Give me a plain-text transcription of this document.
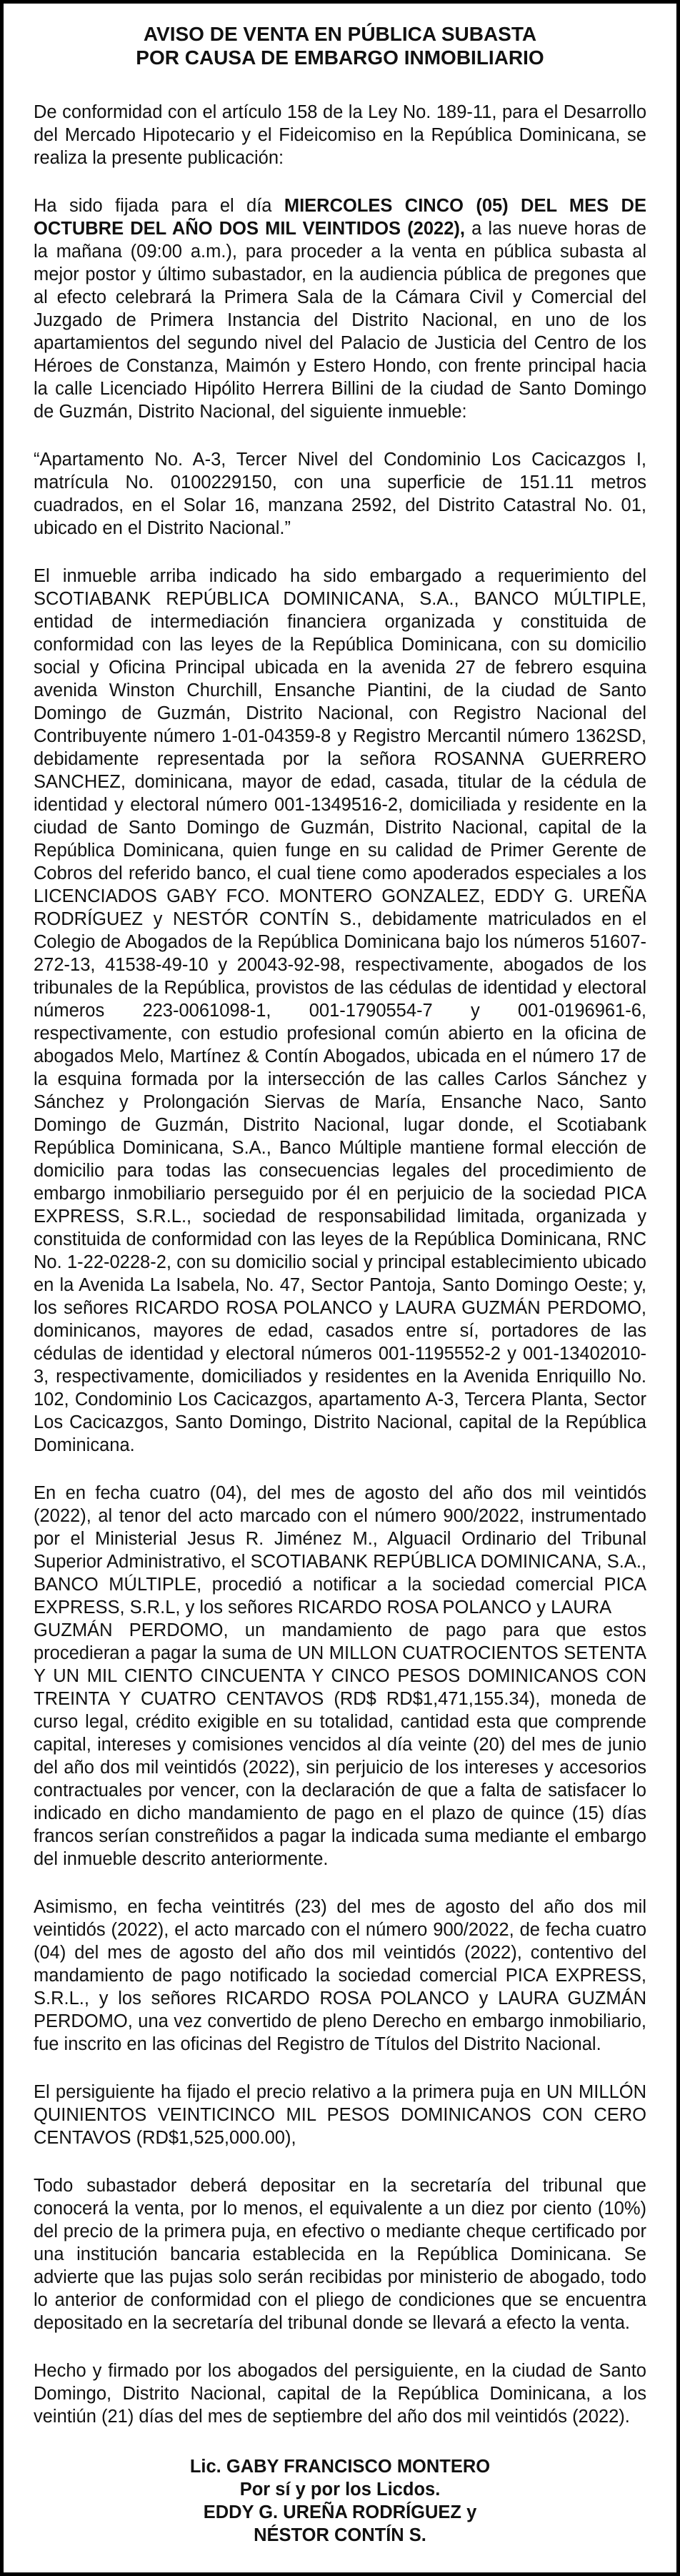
AVISO DE VENTA EN PÚBLICA SUBASTA
POR CAUSA DE EMBARGO INMOBILIARIO

De conformidad con el artículo 158 de la Ley No. 189-11, para el Desarrollo del Mercado Hipotecario y el Fideicomiso en la República Dominicana, se realiza la presente publicación:

Ha sido fijada para el día MIERCOLES CINCO (05) DEL MES DE OCTUBRE DEL AÑO DOS MIL VEINTIDOS (2022), a las nueve horas de la mañana (09:00 a.m.), para proceder a la venta en pública subasta al mejor postor y último subastador, en la audiencia pública de pregones que al efecto celebrará la Primera Sala de la Cámara Civil y Comercial del Juzgado de Primera Instancia del Distrito Nacional, en uno de los apartamientos del segundo nivel del Palacio de Justicia del Centro de los Héroes de Constanza, Maimón y Estero Hondo, con frente principal hacia la calle Licenciado Hipólito Herrera Billini de la ciudad de Santo Domingo de Guzmán, Distrito Nacional, del siguiente inmueble:

“Apartamento No. A-3, Tercer Nivel del Condominio Los Cacicazgos I, matrícula No. 0100229150, con una superficie de 151.11 metros cuadrados, en el Solar 16, manzana 2592, del Distrito Catastral No. 01, ubicado en el Distrito Nacional.”

El inmueble arriba indicado ha sido embargado a requerimiento del SCOTIABANK REPÚBLICA DOMINICANA, S.A., BANCO MÚLTIPLE, entidad de intermediación financiera organizada y constituida de conformidad con las leyes de la República Dominicana, con su domicilio social y Oficina Principal ubicada en la avenida 27 de febrero esquina avenida Winston Churchill, Ensanche Piantini, de la ciudad de Santo Domingo de Guzmán, Distrito Nacional, con Registro Nacional del Contribuyente número 1-01-04359-8 y Registro Mercantil número 1362SD, debidamente representada por la señora ROSANNA GUERRERO SANCHEZ, dominicana, mayor de edad, casada, titular de la cédula de identidad y electoral número 001-1349516-2, domiciliada y residente en la ciudad de Santo Domingo de Guzmán, Distrito Nacional, capital de la República Dominicana, quien funge en su calidad de Primer Gerente de Cobros del referido banco, el cual tiene como apoderados especiales a los LICENCIADOS GABY FCO. MONTERO GONZALEZ, EDDY G. UREÑA RODRÍGUEZ y NESTÓR CONTÍN S., debidamente matriculados en el Colegio de Abogados de la República Dominicana bajo los números 51607-272-13, 41538-49-10 y 20043-92-98, respectivamente, abogados de los tribunales de la República, provistos de las cédulas de identidad y electoral números 223-0061098-1, 001-1790554-7 y 001-0196961-6, respectivamente, con estudio profesional común abierto en la oficina de abogados Melo, Martínez & Contín Abogados, ubicada en el número 17 de la esquina formada por la intersección de las calles Carlos Sánchez y Sánchez y Prolongación Siervas de María, Ensanche Naco, Santo Domingo de Guzmán, Distrito Nacional, lugar donde, el Scotiabank República Dominicana, S.A., Banco Múltiple mantiene formal elección de domicilio para todas las consecuencias legales del procedimiento de embargo inmobiliario perseguido por él en perjuicio de la sociedad PICA EXPRESS, S.R.L., sociedad de responsabilidad limitada, organizada y constituida de conformidad con las leyes de la República Dominicana, RNC No. 1-22-0228-2, con su domicilio social y principal establecimiento ubicado en la Avenida La Isabela, No. 47, Sector Pantoja, Santo Domingo Oeste; y, los señores RICARDO ROSA POLANCO y LAURA GUZMÁN PERDOMO, dominicanos, mayores de edad, casados entre sí, portadores de las cédulas de identidad y electoral números 001-1195552-2 y 001-13402010-3, respectivamente, domiciliados y residentes en la Avenida Enriquillo No. 102, Condominio Los Cacicazgos, apartamento A-3, Tercera Planta, Sector Los Cacicazgos, Santo Domingo, Distrito Nacional, capital de la República Dominicana.

En en fecha cuatro (04), del mes de agosto del año dos mil veintidós (2022), al tenor del acto marcado con el número 900/2022, instrumentado por el Ministerial Jesus R. Jiménez M., Alguacil Ordinario del Tribunal Superior Administrativo, el SCOTIABANK REPÚBLICA DOMINICANA, S.A., BANCO MÚLTIPLE, procedió a notificar a la sociedad comercial PICA EXPRESS, S.R.L, y los señores RICARDO ROSA POLANCO y LAURA
GUZMÁN PERDOMO, un mandamiento de pago para que estos procedieran a pagar la suma de UN MILLON CUATROCIENTOS SETENTA Y UN MIL CIENTO CINCUENTA Y CINCO PESOS DOMINICANOS CON TREINTA Y CUATRO CENTAVOS (RD$ RD$1,471,155.34), moneda de curso legal, crédito exigible en su totalidad, cantidad esta que comprende capital, intereses y comisiones vencidos al día veinte (20) del mes de junio del año dos mil veintidós (2022), sin perjuicio de los intereses y accesorios contractuales por vencer, con la declaración de que a falta de satisfacer lo indicado en dicho mandamiento de pago en el plazo de quince (15) días francos serían constreñidos a pagar la indicada suma mediante el embargo del inmueble descrito anteriormente.

Asimismo, en fecha veintitrés (23) del mes de agosto del año dos mil veintidós (2022), el acto marcado con el número 900/2022, de fecha cuatro (04) del mes de agosto del año dos mil veintidós (2022), contentivo del mandamiento de pago notificado la sociedad comercial PICA EXPRESS, S.R.L., y los señores RICARDO ROSA POLANCO y LAURA GUZMÁN PERDOMO, una vez convertido de pleno Derecho en embargo inmobiliario, fue inscrito en las oficinas del Registro de Títulos del Distrito Nacional.

El persiguiente ha fijado el precio relativo a la primera puja en UN MILLÓN QUINIENTOS VEINTICINCO MIL PESOS DOMINICANOS CON CERO CENTAVOS (RD$1,525,000.00),

Todo subastador deberá depositar en la secretaría del tribunal que conocerá la venta, por lo menos, el equivalente a un diez por ciento (10%) del precio de la primera puja, en efectivo o mediante cheque certificado por una institución bancaria establecida en la República Dominicana. Se advierte que las pujas solo serán recibidas por ministerio de abogado, todo lo anterior de conformidad con el pliego de condiciones que se encuentra depositado en la secretaría del tribunal donde se llevará a efecto la venta.

Hecho y firmado por los abogados del persiguiente, en la ciudad de Santo Domingo, Distrito Nacional, capital de la República Dominicana, a los veintiún (21) días del mes de septiembre del año dos mil veintidós (2022).

Lic. GABY FRANCISCO MONTERO
Por sí y por los Licdos.
EDDY G. UREÑA RODRÍGUEZ y
NÉSTOR CONTÍN S.
